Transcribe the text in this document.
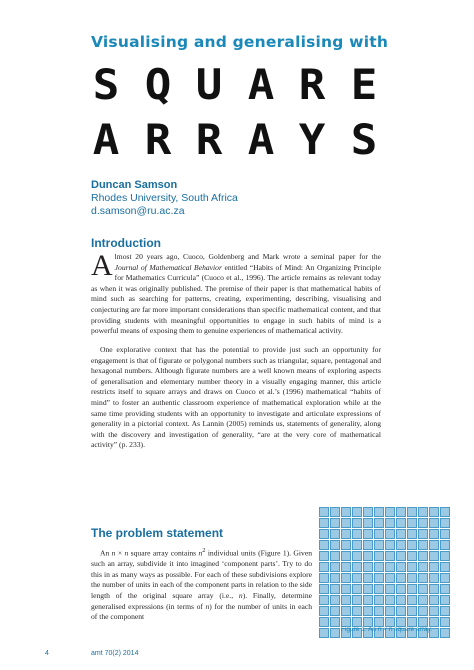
Visualising and generalising with
S Q U A R E
A R R A Y S
Duncan Samson
Rhodes University, South Africa
d.samson@ru.ac.za
Introduction
Almost 20 years ago, Cuoco, Goldenberg and Mark wrote a seminal paper for the Journal of Mathematical Behavior entitled “Habits of Mind: An Organizing Principle for Mathematics Curricula” (Cuoco et al., 1996). The article remains as relevant today as when it was originally published. The premise of their paper is that mathematical habits of mind such as searching for patterns, creating, experimenting, describing, visualising and conjecturing are far more important considerations than specific mathematical content, and that providing students with meaningful opportunities to engage in such habits of mind is a powerful means of exposing them to genuine experiences of mathematical activity.
One explorative context that has the potential to provide just such an opportunity for engagement is that of figurate or polygonal numbers such as triangular, square, pentagonal and hexagonal numbers. Although figurate numbers are a well known means of exploring aspects of generalisation and elementary number theory in a visually engaging manner, this article restricts itself to square arrays and draws on Cuoco et al.’s (1996) mathematical “habits of mind” to foster an authentic classroom experience of mathematical exploration while at the same time providing students with an opportunity to investigate and articulate expressions of generality in a pictorial context. As Lannin (2005) reminds us, statements of generality, along with the discovery and investigation of generality, “are at the very core of mathematical activity” (p. 233).
The problem statement
An n × n square array contains $n^2$ individual units (Figure 1). Given such an array, subdivide it into imagined ‘component parts’. Try to do this in as many ways as possible. For each of these subdivisions explore the number of units in each of the component parts in relation to the side length of the original square array (i.e., n). Finally, determine generalised expressions (in terms of n) for the number of units in each of the component
Figure 1. An n × n square array.
4	amt 70(2) 2014
